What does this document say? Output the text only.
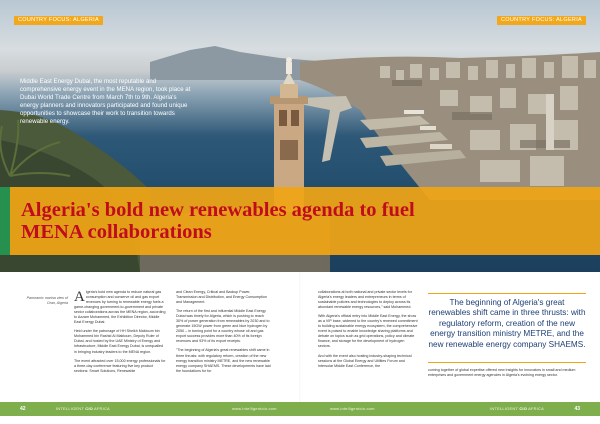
COUNTRY FOCUS: ALGERIA	COUNTRY FOCUS: ALGERIA

Middle East Energy Dubai, the most reputable and comprehensive energy event in the MENA region, took place at Dubai World Trade Centre from March 7th to 9th. Algeria's energy planners and innovators participated and found unique opportunities to showcase their work to transition towards renewable energy.

Algeria's bold new renewables agenda to fuel MENA collaborations
Panoramic marina view of Oran, Algeria Algeria's bold new agenda to reduce natural gas consumption and conserve oil and gas export revenues by turning to renewable energy fuels a game-changing government-to-government and private sector collaborations across the MENA region, according to Azzam Mohammed, the Exhibition Director, Middle East Energy Dubai.

Held under the patronage of HH Sheikh Maktoum bin Mohammed bin Rashid Al Maktoum, Deputy Ruler of Dubai, and hosted by the UAE Ministry of Energy and Infrastructure, Middle East Energy Dubai, is unequalled in bringing industry leaders to the MENA region.

The event attracted over 15,000 energy professionals for a three-day conference featuring five key product sections: Smart Solutions, Renewable

and Clean Energy, Critical and Backup Power, Transmission and Distribution, and Energy Consumption and Management.

The return of the first and influential Middle East Energy Dubai was timely for Algeria, which is pushing to reach 30% of power generation from renewables by 2030 and to generate 15GW power from green and blue hydrogen by 2050 – in turning point for a country whose oil and gas export success provides more than 40% of its foreign revenues and 93% of its export receipts.

"The beginning of Algeria's great renewables shift came in three thrusts: with regulatory reform, creation of the new energy transition ministry METRE, and the new renewable energy company SHAEMS. These developments have laid the foundations for for

collaborations at both national and private sector levels for Algeria's energy leaders and entrepreneurs in terms of sustainable policies and technologies to deploy across its abundant renewable energy resources," said Mohammed.

With Algeria's official entry into Middle East Energy, the show as a VIP base, widened to the country's renewed commitment to building sustainable energy ecosystem, the comprehensive event is poised to enable knowledge sharing platforms and debate on topics such as grid operations, policy and climate finance, and storage for the development of hydrogen sectors.

And with the event also hosting industry-shaping technical sessions at the Global Energy and Utilities Forum and Intersolar Middle East Conference, the

The beginning of Algeria's great renewables shift came in three thrusts: with regulatory reform, creation of the new energy transition ministry METRE, and the new renewable energy company SHAEMS.

coming together of global expertise offered new insights for innovators in small and medium enterprises and government energy agencies in Algeria's evolving energy sector.

42	43
INTELLIGENT CIO AFRICA	www.intelligentcio.com	www.intelligentcio.com	INTELLIGENT CIO AFRICA
